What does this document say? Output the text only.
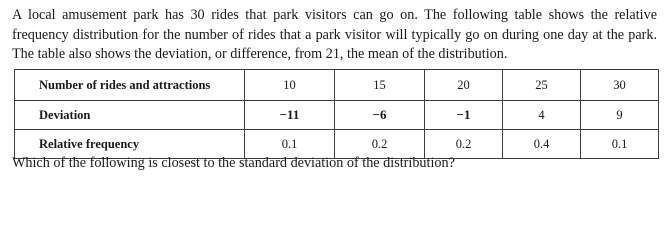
A local amusement park has 30 rides that park visitors can go on. The following table shows the relative frequency distribution for the number of rides that a park visitor will typically go on during one day at the park. The table also shows the deviation, or difference, from 21, the mean of the distribution.

Number of rides and attractions	10	15	20	25	30
Deviation	−11	−6	−1	4	9
Relative frequency	0.1	0.2	0.2	0.4	0.1

Which of the following is closest to the standard deviation of the distribution?
